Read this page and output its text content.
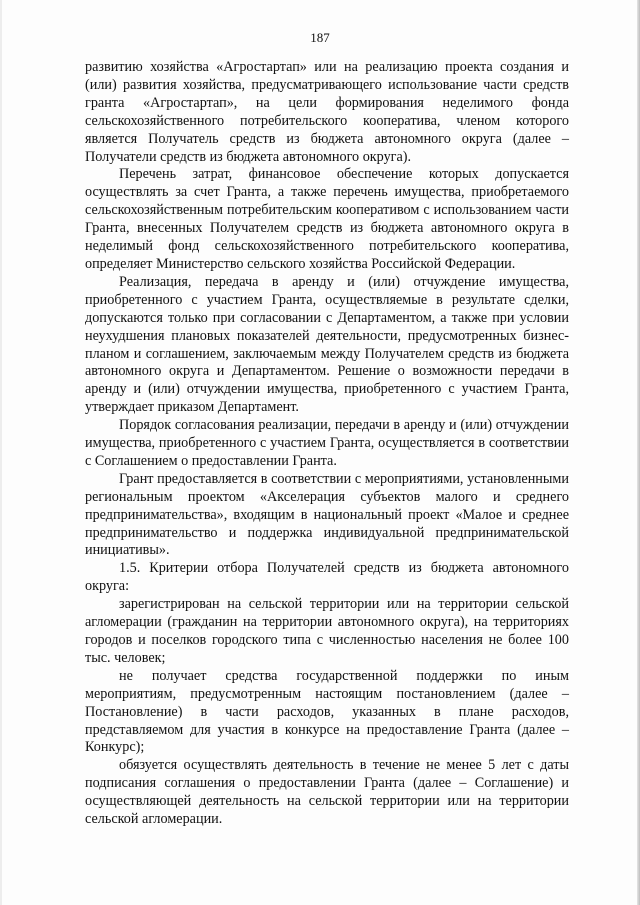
187

развитию хозяйства «Агростартап» или на реализацию проекта создания и (или) развития хозяйства, предусматривающего использование части средств гранта «Агростартап», на цели формирования неделимого фонда сельскохозяйственного потребительского кооператива, членом которого является Получатель средств из бюджета автономного округа (далее – Получатели средств из бюджета автономного округа).

Перечень затрат, финансовое обеспечение которых допускается осуществлять за счет Гранта, а также перечень имущества, приобретаемого сельскохозяйственным потребительским кооперативом с использованием части Гранта, внесенных Получателем средств из бюджета автономного округа в неделимый фонд сельскохозяйственного потребительского кооператива, определяет Министерство сельского хозяйства Российской Федерации.

Реализация, передача в аренду и (или) отчуждение имущества, приобретенного с участием Гранта, осуществляемые в результате сделки, допускаются только при согласовании с Департаментом, а также при условии неухудшения плановых показателей деятельности, предусмотренных бизнес-планом и соглашением, заключаемым между Получателем средств из бюджета автономного округа и Департаментом. Решение о возможности передачи в аренду и (или) отчуждении имущества, приобретенного с участием Гранта, утверждает приказом Департамент.

Порядок согласования реализации, передачи в аренду и (или) отчуждении имущества, приобретенного с участием Гранта, осуществляется в соответствии с Соглашением о предоставлении Гранта.

Грант предоставляется в соответствии с мероприятиями, установленными региональным проектом «Акселерация субъектов малого и среднего предпринимательства», входящим в национальный проект «Малое и среднее предпринимательство и поддержка индивидуальной предпринимательской инициативы».

1.5. Критерии отбора Получателей средств из бюджета автономного округа:

зарегистрирован на сельской территории или на территории сельской агломерации (гражданин на территории автономного округа), на территориях городов и поселков городского типа с численностью населения не более 100 тыс. человек;

не получает средства государственной поддержки по иным мероприятиям, предусмотренным настоящим постановлением (далее – Постановление) в части расходов, указанных в плане расходов, представляемом для участия в конкурсе на предоставление Гранта (далее – Конкурс);

обязуется осуществлять деятельность в течение не менее 5 лет с даты подписания соглашения о предоставлении Гранта (далее – Соглашение) и осуществляющей деятельность на сельской территории или на территории сельской агломерации.
